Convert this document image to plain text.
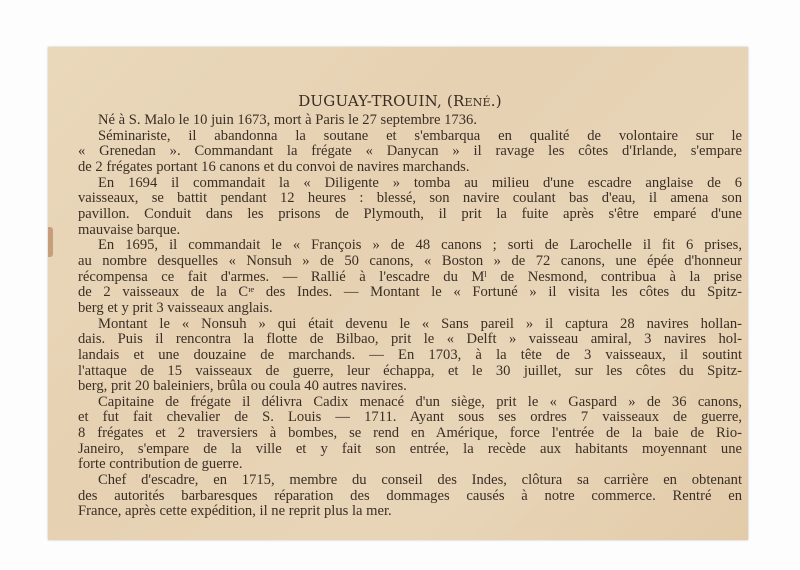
DUGUAY-TROUIN, (René.)
Né à S. Malo le 10 juin 1673, mort à Paris le 27 septembre 1736.
Séminariste, il abandonna la soutane et s'embarqua en qualité de volontaire sur le
« Grenedan ». Commandant la frégate « Danycan » il ravage les côtes d'Irlande, s'empare
de 2 frégates portant 16 canons et du convoi de navires marchands.
En 1694 il commandait la « Diligente » tomba au milieu d'une escadre anglaise de 6
vaisseaux, se battit pendant 12 heures : blessé, son navire coulant bas d'eau, il amena son
pavillon. Conduit dans les prisons de Plymouth, il prit la fuite après s'être emparé d'une
mauvaise barque.
En 1695, il commandait le « François » de 48 canons ; sorti de Larochelle il fit 6 prises,
au nombre desquelles « Nonsuh » de 50 canons, « Boston » de 72 canons, une épée d'honneur
récompensa ce fait d'armes. — Rallié à l'escadre du Mˡ de Nesmond, contribua à la prise
de 2 vaisseaux de la Cᶦᵉ des Indes. — Montant le « Fortuné » il visita les côtes du Spitz-
berg et y prit 3 vaisseaux anglais.
Montant le « Nonsuh » qui était devenu le « Sans pareil » il captura 28 navires hollan-
dais. Puis il rencontra la flotte de Bilbao, prit le « Delft » vaisseau amiral, 3 navires hol-
landais et une douzaine de marchands. — En 1703, à la tête de 3 vaisseaux, il soutint
l'attaque de 15 vaisseaux de guerre, leur échappa, et le 30 juillet, sur les côtes du Spitz-
berg, prit 20 baleiniers, brûla ou coula 40 autres navires.
Capitaine de frégate il délivra Cadix menacé d'un siège, prit le « Gaspard » de 36 canons,
et fut fait chevalier de S. Louis — 1711. Ayant sous ses ordres 7 vaisseaux de guerre,
8 frégates et 2 traversiers à bombes, se rend en Amérique, force l'entrée de la baie de Rio-
Janeiro, s'empare de la ville et y fait son entrée, la recède aux habitants moyennant une
forte contribution de guerre.
Chef d'escadre, en 1715, membre du conseil des Indes, clôtura sa carrière en obtenant
des autorités barbaresques réparation des dommages causés à notre commerce. Rentré en
France, après cette expédition, il ne reprit plus la mer.
